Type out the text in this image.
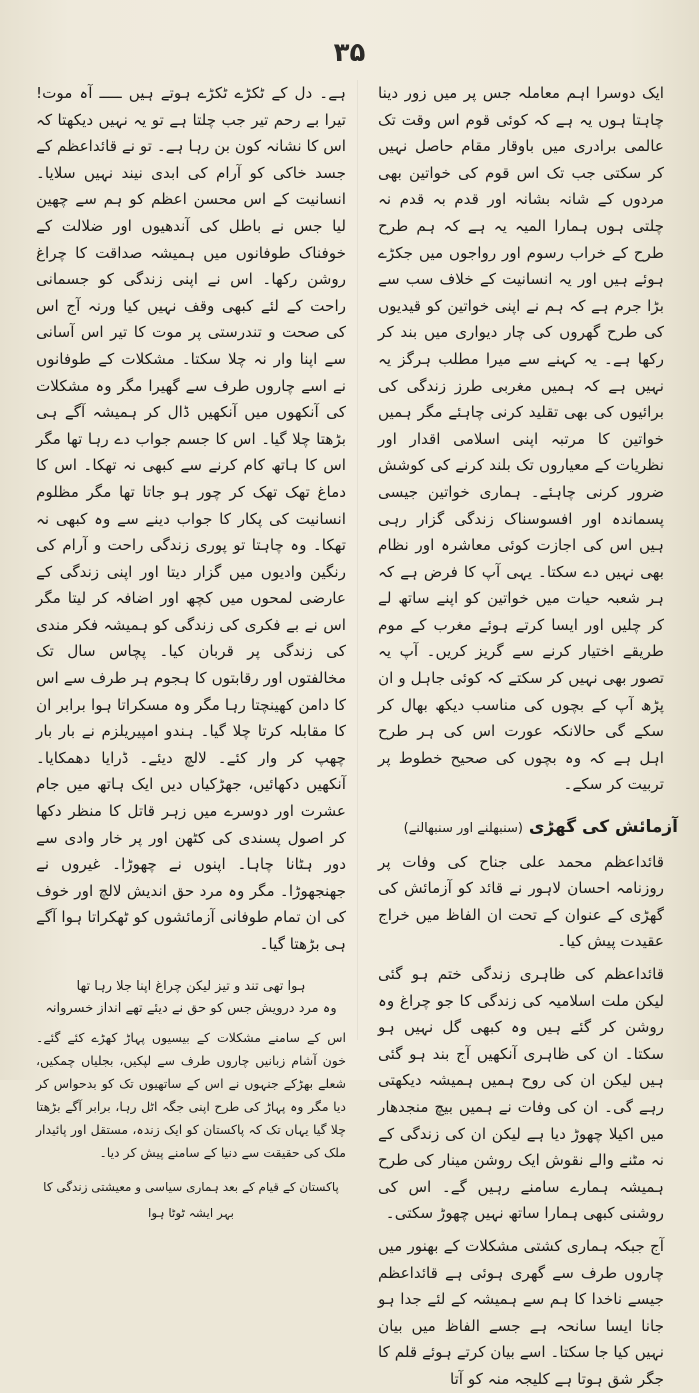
۳۵

ایک دوسرا اہم معاملہ جس پر میں زور دینا چاہتا ہوں یہ ہے کہ کوئی قوم اس وقت تک عالمی برادری میں باوقار مقام حاصل نہیں کر سکتی جب تک اس قوم کی خواتین بھی مردوں کے شانہ بشانہ اور قدم بہ قدم نہ چلتی ہوں ہمارا المیہ یہ ہے کہ ہم طرح طرح کے خراب رسوم اور رواجوں میں جکڑے ہوئے ہیں اور یہ انسانیت کے خلاف سب سے بڑا جرم ہے کہ ہم نے اپنی خواتین کو قیدیوں کی طرح گھروں کی چار دیواری میں بند کر رکھا ہے۔ یہ کہنے سے میرا مطلب ہرگز یہ نہیں ہے کہ ہمیں مغربی طرز زندگی کی برائیوں کی بھی تقلید کرنی چاہئے مگر ہمیں خواتین کا مرتبہ اپنی اسلامی اقدار اور نظریات کے معیاروں تک بلند کرنے کی کوشش ضرور کرنی چاہئے۔ ہماری خواتین جیسی پسماندہ اور افسوسناک زندگی گزار رہی ہیں اس کی اجازت کوئی معاشرہ اور نظام بھی نہیں دے سکتا۔ یہی آپ کا فرض ہے کہ ہر شعبہ حیات میں خواتین کو اپنے ساتھ لے کر چلیں اور ایسا کرتے ہوئے مغرب کے موم طریقے اختیار کرنے سے گریز کریں۔ آپ یہ تصور بھی نہیں کر سکتے کہ کوئی جاہل و ان پڑھ آپ کے بچوں کی مناسب دیکھ بھال کر سکے گی حالانکہ عورت اس کی ہر طرح اہل ہے کہ وہ بچوں کی صحیح خطوط پر تربیت کر سکے۔

آزمائش کی گھڑی (سنبھلنے اور سنبھالنے)

قائداعظم محمد علی جناح کی وفات پر روزنامہ احسان لاہور نے قائد کو آزمائش کی گھڑی کے عنوان کے تحت ان الفاظ میں خراج عقیدت پیش کیا۔

قائداعظم کی ظاہری زندگی ختم ہو گئی لیکن ملت اسلامیہ کی زندگی کا جو چراغ وہ روشن کر گئے ہیں وہ کبھی گل نہیں ہو سکتا۔ ان کی ظاہری آنکھیں آج بند ہو گئی ہیں لیکن ان کی روح ہمیں ہمیشہ دیکھتی رہے گی۔ ان کی وفات نے ہمیں بیچ منجدھار میں اکیلا چھوڑ دیا ہے لیکن ان کی زندگی کے نہ مٹنے والے نقوش ایک روشن مینار کی طرح ہمیشہ ہمارے سامنے رہیں گے۔ اس کی روشنی کبھی ہمارا ساتھ نہیں چھوڑ سکتی۔

آج جبکہ ہماری کشتی مشکلات کے بھنور میں چاروں طرف سے گھری ہوئی ہے قائداعظم جیسے ناخدا کا ہم سے ہمیشہ کے لئے جدا ہو جانا ایسا سانحہ ہے جسے الفاظ میں بیان نہیں کیا جا سکتا۔ اسے بیان کرتے ہوئے قلم کا جگر شق ہوتا ہے کلیجہ منہ کو آتا

ہے۔ دل کے ٹکڑے ٹکڑے ہوتے ہیں ـــــ آہ موت! تیرا بے رحم تیر جب چلتا ہے تو یہ نہیں دیکھتا کہ اس کا نشانہ کون بن رہا ہے۔ تو نے قائداعظم کے جسد خاکی کو آرام کی ابدی نیند نہیں سلایا۔ انسانیت کے اس محسن اعظم کو ہم سے چھین لیا جس نے باطل کی آندھیوں اور ضلالت کے خوفناک طوفانوں میں ہمیشہ صداقت کا چراغ روشن رکھا۔ اس نے اپنی زندگی کو جسمانی راحت کے لئے کبھی وقف نہیں کیا ورنہ آج اس کی صحت و تندرستی پر موت کا تیر اس آسانی سے اپنا وار نہ چلا سکتا۔ مشکلات کے طوفانوں نے اسے چاروں طرف سے گھیرا مگر وہ مشکلات کی آنکھوں میں آنکھیں ڈال کر ہمیشہ آگے ہی بڑھتا چلا گیا۔ اس کا جسم جواب دے رہا تھا مگر اس کا ہاتھ کام کرنے سے کبھی نہ تھکا۔ اس کا دماغ تھک تھک کر چور ہو جاتا تھا مگر مظلوم انسانیت کی پکار کا جواب دینے سے وہ کبھی نہ تھکا۔ وہ چاہتا تو پوری زندگی راحت و آرام کی رنگین وادیوں میں گزار دیتا اور اپنی زندگی کے عارضی لمحوں میں کچھ اور اضافہ کر لیتا مگر اس نے بے فکری کی زندگی کو ہمیشہ فکر مندی کی زندگی پر قربان کیا۔ پچاس سال تک مخالفتوں اور رقابتوں کا ہجوم ہر طرف سے اس کا دامن کھینچتا رہا مگر وہ مسکراتا ہوا برابر ان کا مقابلہ کرتا چلا گیا۔ ہندو امپیریلزم نے بار بار چھپ کر وار کئے۔ لالچ دیئے۔ ڈرایا دھمکایا۔ آنکھیں دکھائیں، جھڑکیاں دیں ایک ہاتھ میں جام عشرت اور دوسرے میں زہر قاتل کا منظر دکھا کر اصول پسندی کی کٹھن اور پر خار وادی سے دور ہٹانا چاہا۔ اپنوں نے چھوڑا۔ غیروں نے جھنجھوڑا۔ مگر وہ مرد حق اندیش لالچ اور خوف کی ان تمام طوفانی آزمائشوں کو ٹھکراتا ہوا آگے ہی بڑھتا گیا۔

ہوا تھی تند و تیز لیکن چراغ اپنا جلا رہا تھا
وہ مرد درویش جس کو حق نے دیئے تھے انداز خسروانہ

اس کے سامنے مشکلات کے بیسیوں پہاڑ کھڑے کئے گئے۔ خون آشام زبانیں چاروں طرف سے لپکیں، بجلیاں چمکیں، شعلے بھڑکے جنہوں نے اس کے ساتھیوں تک کو بدحواس کر دیا مگر وہ پہاڑ کی طرح اپنی جگہ اٹل رہا، برابر آگے بڑھتا چلا گیا یہاں تک کہ پاکستان کو ایک زندہ، مستقل اور پائیدار ملک کی حقیقت سے دنیا کے سامنے پیش کر دیا۔

پاکستان کے قیام کے بعد ہماری سیاسی و معیشتی زندگی کا بہر ایشہ ٹوٹا ہوا
